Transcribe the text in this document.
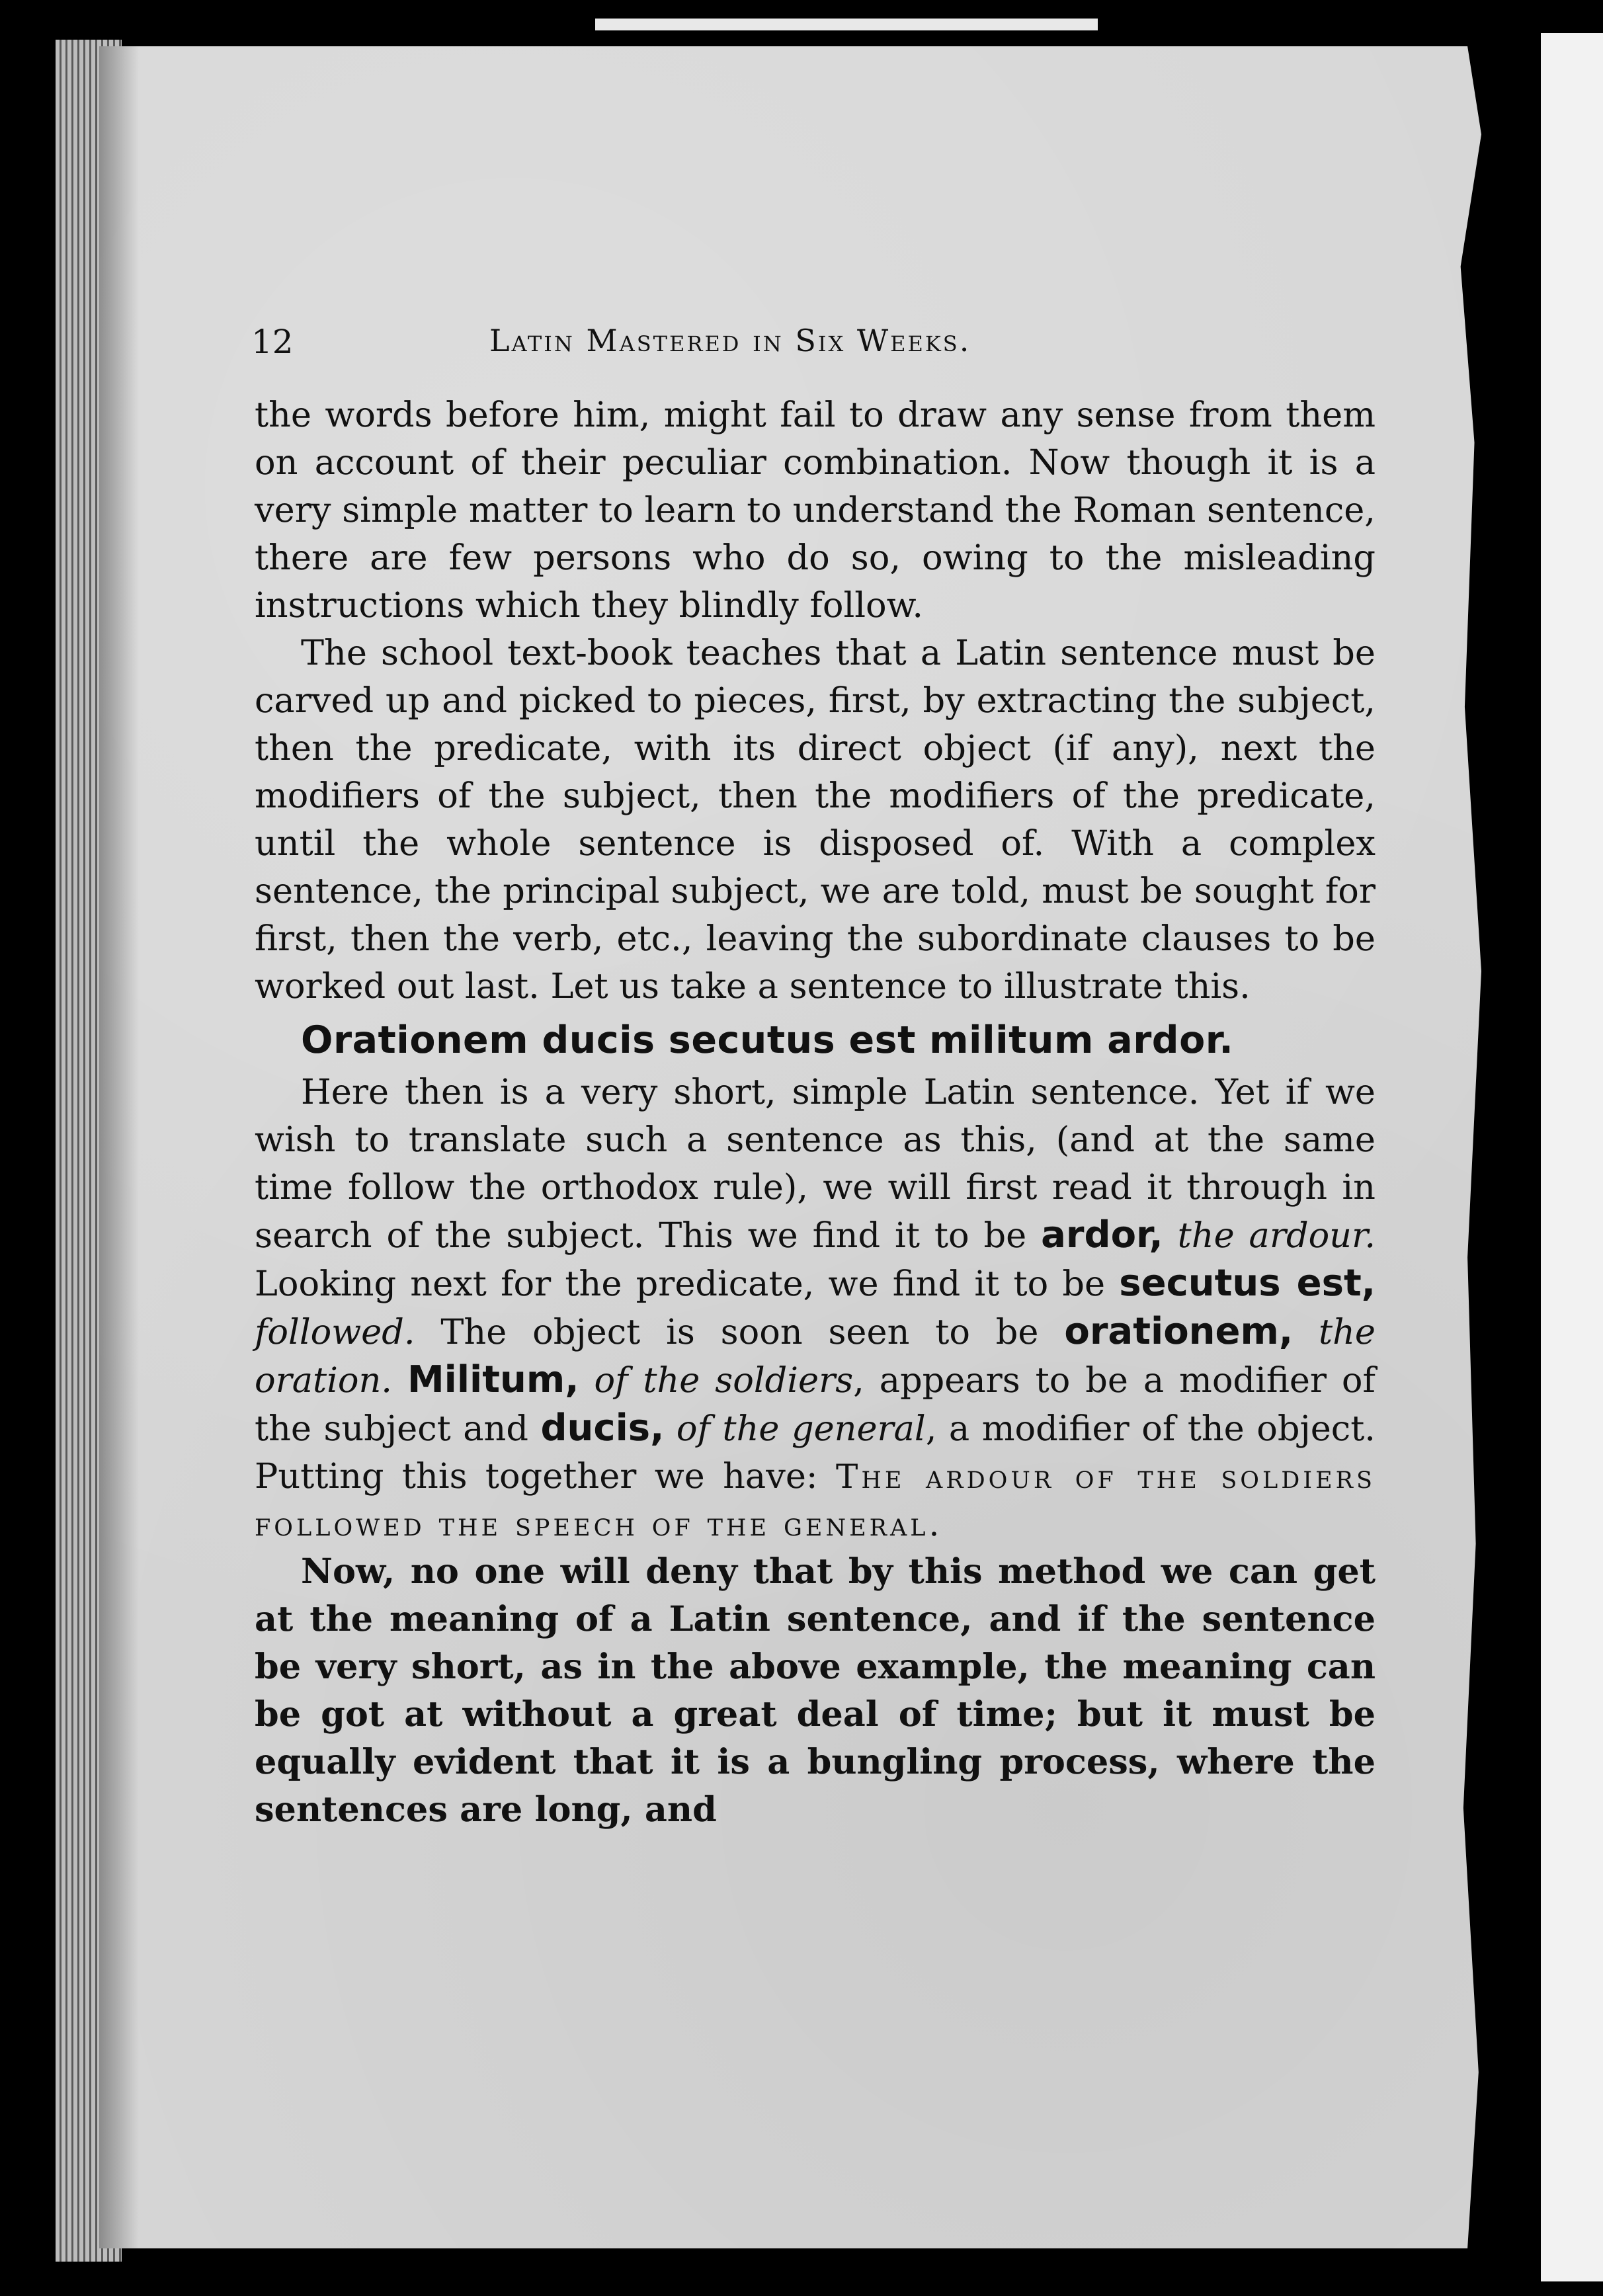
12	Latin Mastered in Six Weeks.

the words before him, might fail to draw any sense from them on account of their peculiar combination. Now though it is a very simple matter to learn to understand the Roman sentence, there are few persons who do so, owing to the misleading instructions which they blindly follow.

The school text-book teaches that a Latin sentence must be carved up and picked to pieces, first, by extracting the subject, then the predicate, with its direct object (if any), next the modifiers of the subject, then the modifiers of the predicate, until the whole sentence is disposed of. With a complex sentence, the principal subject, we are told, must be sought for first, then the verb, etc., leaving the subordinate clauses to be worked out last. Let us take a sentence to illustrate this.

Orationem ducis secutus est militum ardor.

Here then is a very short, simple Latin sentence. Yet if we wish to translate such a sentence as this, (and at the same time follow the orthodox rule), we will first read it through in search of the subject. This we find it to be ardor, the ardour. Looking next for the predicate, we find it to be secutus est, followed. The object is soon seen to be orationem, the oration. Militum, of the soldiers, appears to be a modifier of the subject and ducis, of the general, a modifier of the object. Putting this together we have: The ardour of the soldiers followed the speech of the general.

Now, no one will deny that by this method we can get at the meaning of a Latin sentence, and if the sentence be very short, as in the above example, the meaning can be got at without a great deal of time; but it must be equally evident that it is a bungling process, where the sentences are long, and
